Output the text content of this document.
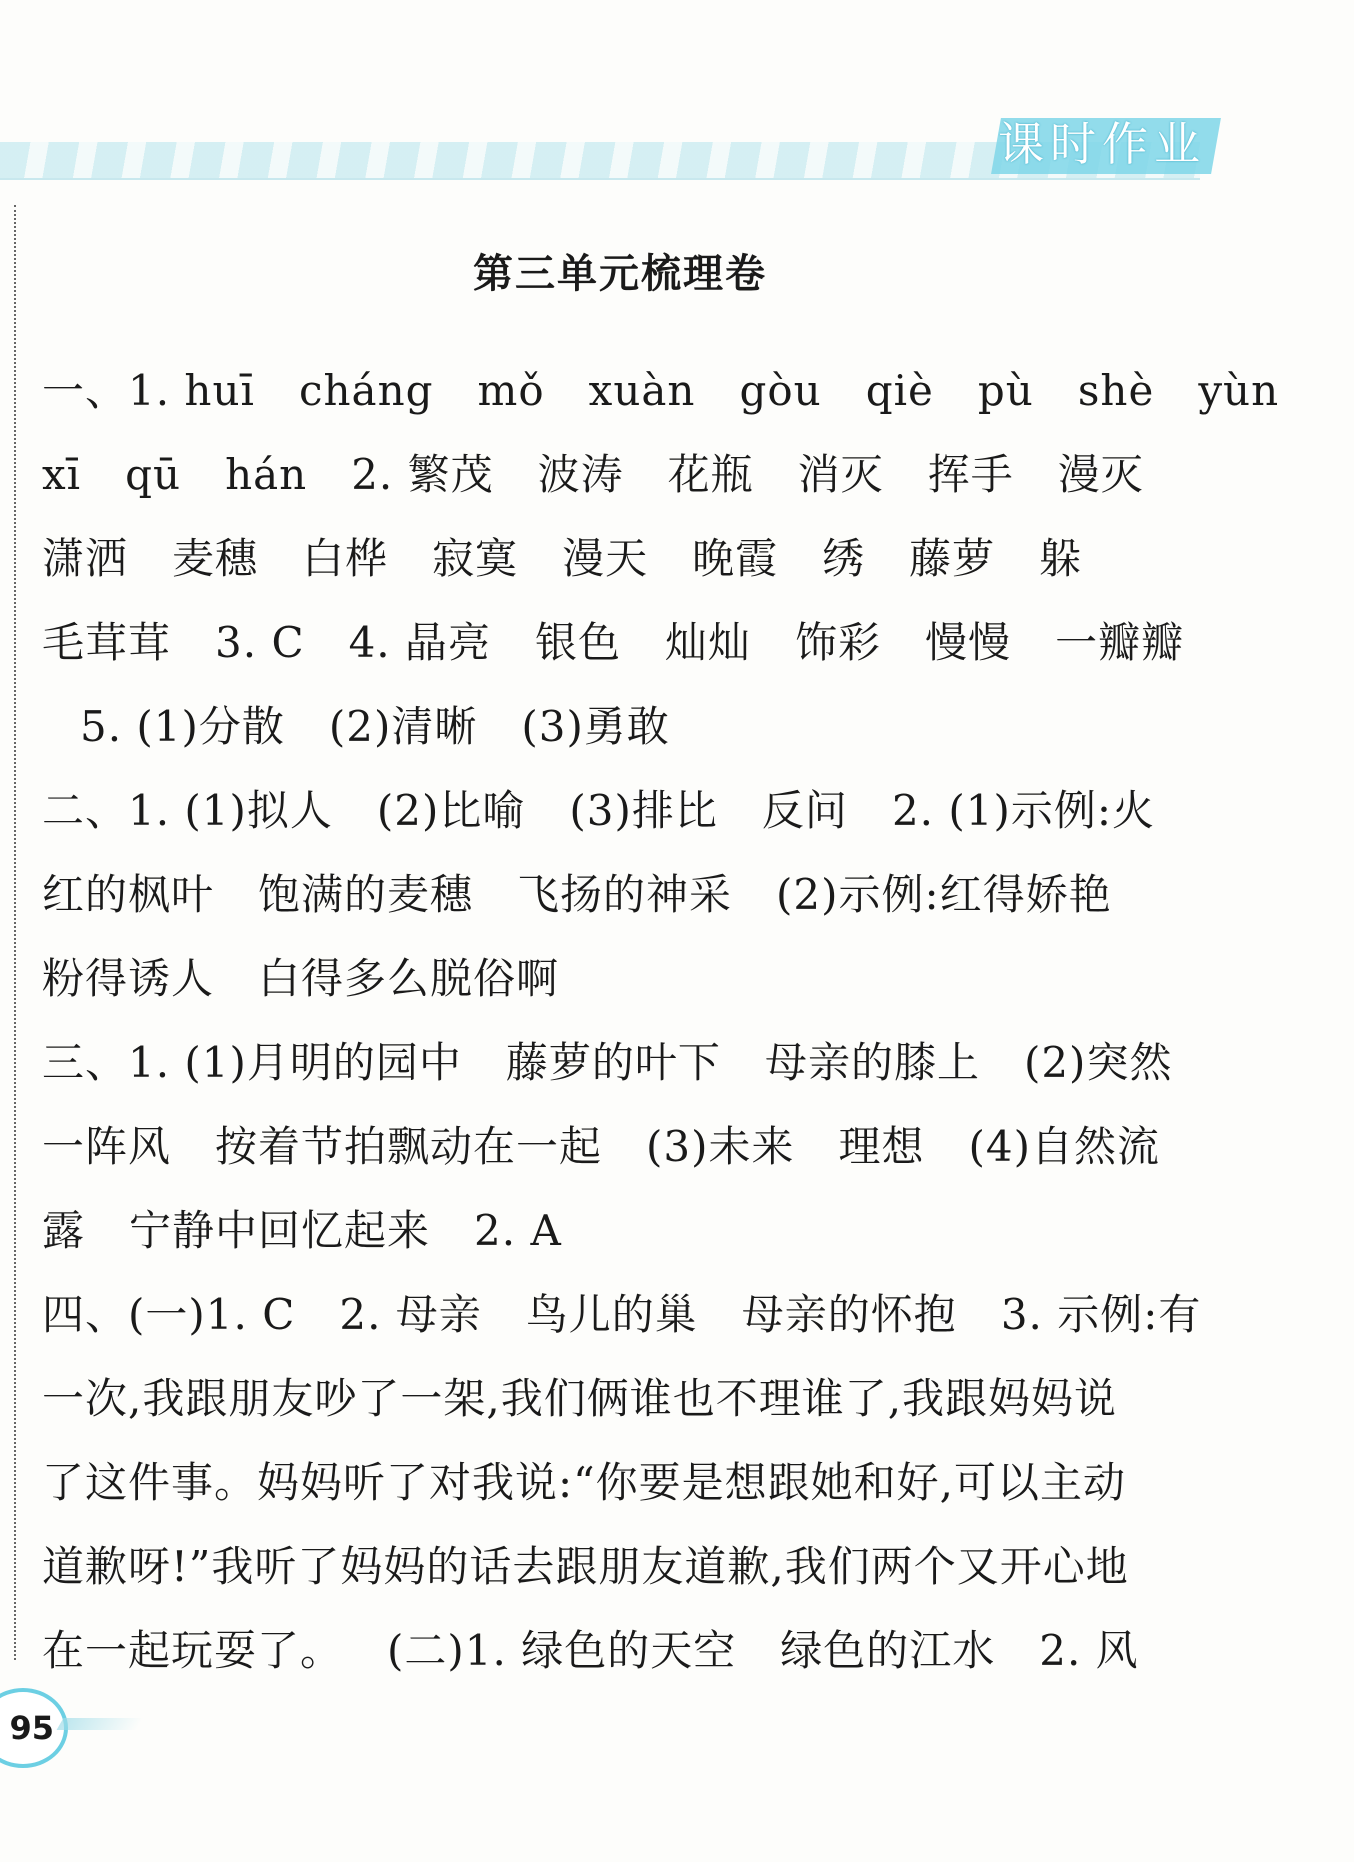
课时作业
第三单元梳理卷
一、1. huī cháng mǒ xuàn gòu qiè pù shè yùn
xī qū hán 2. 繁茂 波涛 花瓶 消灭 挥手 漫灭
潇洒 麦穗 白桦 寂寞 漫天 晚霞 绣 藤萝 躲
毛茸茸 3. C 4. 晶亮 银色 灿灿 饰彩 慢慢 一瓣瓣
5. (1)分散 (2)清晰 (3)勇敢
二、1. (1)拟人 (2)比喻 (3)排比 反问 2. (1)示例:火
红的枫叶 饱满的麦穗 飞扬的神采 (2)示例:红得娇艳
粉得诱人 白得多么脱俗啊
三、1. (1)月明的园中 藤萝的叶下 母亲的膝上 (2)突然
一阵风 按着节拍飘动在一起 (3)未来 理想 (4)自然流
露 宁静中回忆起来 2. A
四、(一)1. C 2. 母亲 鸟儿的巢 母亲的怀抱 3. 示例:有
一次,我跟朋友吵了一架,我们俩谁也不理谁了,我跟妈妈说
了这件事。妈妈听了对我说:“你要是想跟她和好,可以主动
道歉呀!”我听了妈妈的话去跟朋友道歉,我们两个又开心地
在一起玩耍了。 (二)1. 绿色的天空 绿色的江水 2. 风
95
